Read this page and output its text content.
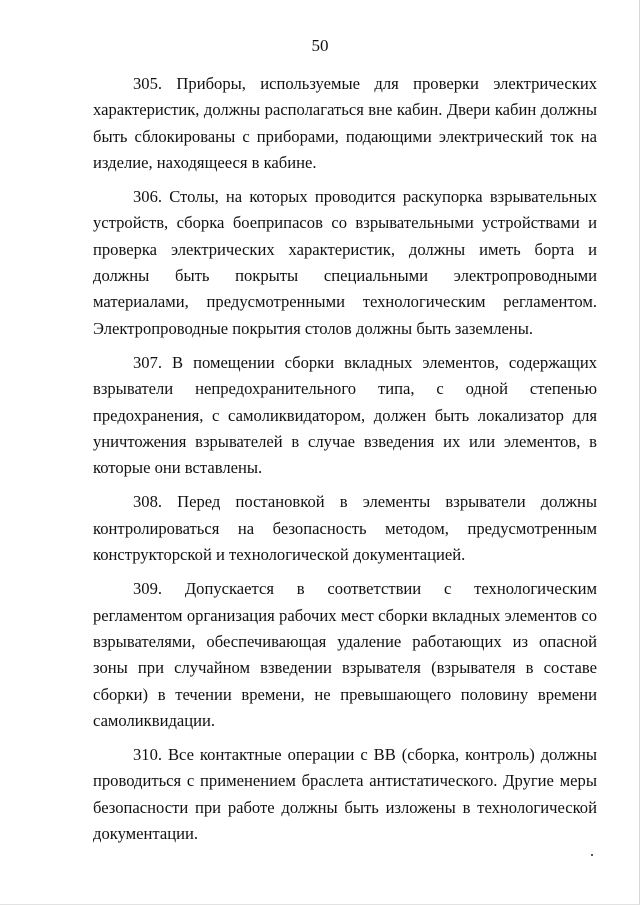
50

305. Приборы, используемые для проверки электрических характеристик, должны располагаться вне кабин. Двери кабин должны быть сблокированы с приборами, подающими электрический ток на изделие, находящееся в кабине.

306. Столы, на которых проводится раскупорка взрывательных устройств, сборка боеприпасов со взрывательными устройствами и проверка электрических характеристик, должны иметь борта и должны быть покрыты специальными электропроводными материалами, предусмотренными технологическим регламентом. Электропроводные покрытия столов должны быть заземлены.

307. В помещении сборки вкладных элементов, содержащих взрыватели непредохранительного типа, с одной степенью предохранения, с самоликвидатором, должен быть локализатор для уничтожения взрывателей в случае взведения их или элементов, в которые они вставлены.

308. Перед постановкой в элементы взрыватели должны контролироваться на безопасность методом, предусмотренным конструкторской и технологической документацией.

309. Допускается в соответствии с технологическим регламентом организация рабочих мест сборки вкладных элементов со взрывателями, обеспечивающая удаление работающих из опасной зоны при случайном взведении взрывателя (взрывателя в составе сборки) в течении времени, не превышающего половину времени самоликвидации.

310. Все контактные операции с ВВ (сборка, контроль) должны проводиться с применением браслета антистатического. Другие меры безопасности при работе должны быть изложены в технологической документации.
